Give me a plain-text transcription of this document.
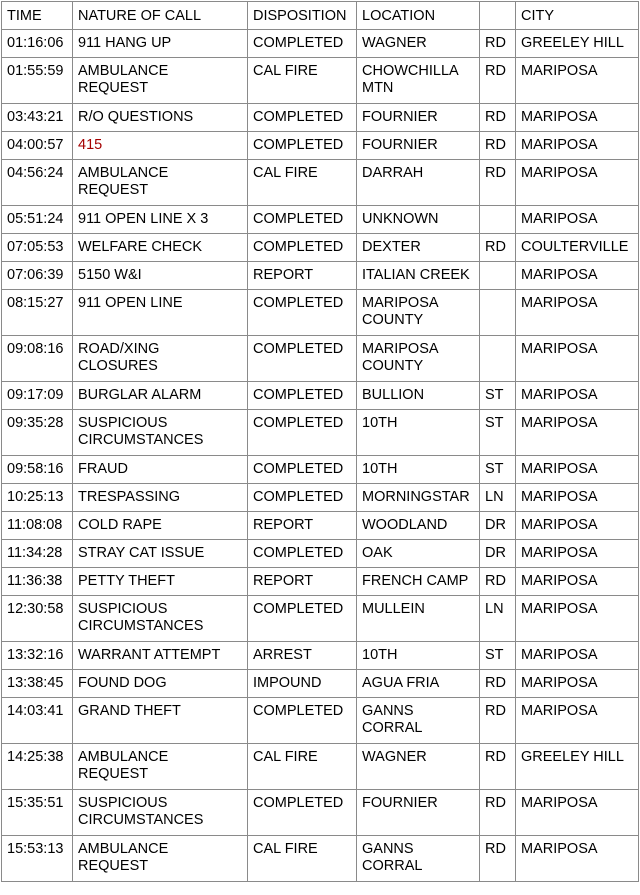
TIME	NATURE OF CALL	DISPOSITION	LOCATION		CITY
01:16:06	911 HANG UP	COMPLETED	WAGNER	RD	GREELEY HILL
01:55:59	AMBULANCE REQUEST	CAL FIRE	CHOWCHILLA MTN	RD	MARIPOSA
03:43:21	R/O QUESTIONS	COMPLETED	FOURNIER	RD	MARIPOSA
04:00:57	415	COMPLETED	FOURNIER	RD	MARIPOSA
04:56:24	AMBULANCE REQUEST	CAL FIRE	DARRAH	RD	MARIPOSA
05:51:24	911 OPEN LINE X 3	COMPLETED	UNKNOWN		MARIPOSA
07:05:53	WELFARE CHECK	COMPLETED	DEXTER	RD	COULTERVILLE
07:06:39	5150 W&I	REPORT	ITALIAN CREEK		MARIPOSA
08:15:27	911 OPEN LINE	COMPLETED	MARIPOSA COUNTY		MARIPOSA
09:08:16	ROAD/XING CLOSURES	COMPLETED	MARIPOSA COUNTY		MARIPOSA
09:17:09	BURGLAR ALARM	COMPLETED	BULLION	ST	MARIPOSA
09:35:28	SUSPICIOUS CIRCUMSTANCES	COMPLETED	10TH	ST	MARIPOSA
09:58:16	FRAUD	COMPLETED	10TH	ST	MARIPOSA
10:25:13	TRESPASSING	COMPLETED	MORNINGSTAR	LN	MARIPOSA
11:08:08	COLD RAPE	REPORT	WOODLAND	DR	MARIPOSA
11:34:28	STRAY CAT ISSUE	COMPLETED	OAK	DR	MARIPOSA
11:36:38	PETTY THEFT	REPORT	FRENCH CAMP	RD	MARIPOSA
12:30:58	SUSPICIOUS CIRCUMSTANCES	COMPLETED	MULLEIN	LN	MARIPOSA
13:32:16	WARRANT ATTEMPT	ARREST	10TH	ST	MARIPOSA
13:38:45	FOUND DOG	IMPOUND	AGUA FRIA	RD	MARIPOSA
14:03:41	GRAND THEFT	COMPLETED	GANNS CORRAL	RD	MARIPOSA
14:25:38	AMBULANCE REQUEST	CAL FIRE	WAGNER	RD	GREELEY HILL
15:35:51	SUSPICIOUS CIRCUMSTANCES	COMPLETED	FOURNIER	RD	MARIPOSA
15:53:13	AMBULANCE REQUEST	CAL FIRE	GANNS CORRAL	RD	MARIPOSA
